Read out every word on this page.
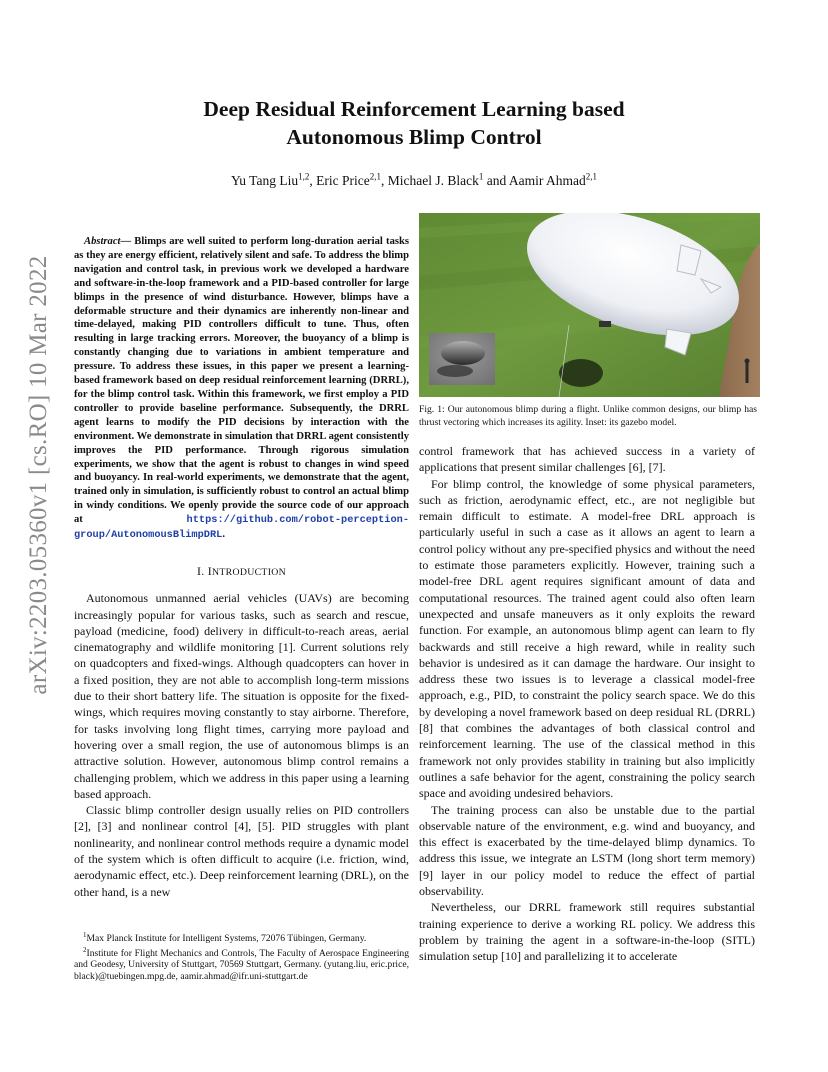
arXiv:2203.05360v1 [cs.RO] 10 Mar 2022
Deep Residual Reinforcement Learning based
Autonomous Blimp Control
Yu Tang Liu$^{1,2}$, Eric Price$^{2,1}$, Michael J. Black$^1$ and Aamir Ahmad$^{2,1}$

Abstract— Blimps are well suited to perform long-duration aerial tasks as they are energy efficient, relatively silent and safe. To address the blimp navigation and control task, in previous work we developed a hardware and software-in-the-loop framework and a PID-based controller for large blimps in the presence of wind disturbance. However, blimps have a deformable structure and their dynamics are inherently non-linear and time-delayed, making PID controllers difficult to tune. Thus, often resulting in large tracking errors. Moreover, the buoyancy of a blimp is constantly changing due to variations in ambient temperature and pressure. To address these issues, in this paper we present a learning-based framework based on deep residual reinforcement learning (DRRL), for the blimp control task. Within this framework, we first employ a PID controller to provide baseline performance. Subsequently, the DRRL agent learns to modify the PID decisions by interaction with the environment. We demonstrate in simulation that DRRL agent consistently improves the PID performance. Through rigorous simulation experiments, we show that the agent is robust to changes in wind speed and buoyancy. In real-world experiments, we demonstrate that the agent, trained only in simulation, is sufficiently robust to control an actual blimp in windy conditions. We openly provide the source code of our approach at https://github.com/robot-perception-group/AutonomousBlimpDRL.

I. INTRODUCTION

Autonomous unmanned aerial vehicles (UAVs) are becoming increasingly popular for various tasks, such as search and rescue, payload (medicine, food) delivery in difficult-to-reach areas, aerial cinematography and wildlife monitoring [1]. Current solutions rely on quadcopters and fixed-wings. Although quadcopters can hover in a fixed position, they are not able to accomplish long-term missions due to their short battery life. The situation is opposite for the fixed-wings, which requires moving constantly to stay airborne. Therefore, for tasks involving long flight times, carrying more payload and hovering over a small region, the use of autonomous blimps is an attractive solution. However, autonomous blimp control remains a challenging problem, which we address in this paper using a learning based approach.

Classic blimp controller design usually relies on PID controllers [2], [3] and nonlinear control [4], [5]. PID struggles with plant nonlinearity, and nonlinear control methods require a dynamic model of the system which is often difficult to acquire (i.e. friction, wind, aerodynamic effect, etc.). Deep reinforcement learning (DRL), on the other hand, is a new

$^1$Max Planck Institute for Intelligent Systems, 72076 Tübingen, Germany.

$^2$Institute for Flight Mechanics and Controls, The Faculty of Aerospace Engineering and Geodesy, University of Stuttgart, 70569 Stuttgart, Germany. (yutang.liu, eric.price, black)@tuebingen.mpg.de, aamir.ahmad@ifr.uni-stuttgart.de

Fig. 1: Our autonomous blimp during a flight. Unlike common designs, our blimp has thrust vectoring which increases its agility. Inset: its gazebo model.

control framework that has achieved success in a variety of applications that present similar challenges [6], [7].

For blimp control, the knowledge of some physical parameters, such as friction, aerodynamic effect, etc., are not negligible but remain difficult to estimate. A model-free DRL approach is particularly useful in such a case as it allows an agent to learn a control policy without any pre-specified physics and without the need to estimate those parameters explicitly. However, training such a model-free DRL agent requires significant amount of data and computational resources. The trained agent could also often learn unexpected and unsafe maneuvers as it only exploits the reward function. For example, an autonomous blimp agent can learn to fly backwards and still receive a high reward, while in reality such behavior is undesired as it can damage the hardware. Our insight to address these two issues is to leverage a classical model-free approach, e.g., PID, to constraint the policy search space. We do this by developing a novel framework based on deep residual RL (DRRL) [8] that combines the advantages of both classical control and reinforcement learning. The use of the classical method in this framework not only provides stability in training but also implicitly outlines a safe behavior for the agent, constraining the policy search space and avoiding undesired behaviors.

The training process can also be unstable due to the partial observable nature of the environment, e.g. wind and buoyancy, and this effect is exacerbated by the time-delayed blimp dynamics. To address this issue, we integrate an LSTM (long short term memory) [9] layer in our policy model to reduce the effect of partial observability.

Nevertheless, our DRRL framework still requires substantial training experience to derive a working RL policy. We address this problem by training the agent in a software-in-the-loop (SITL) simulation setup [10] and parallelizing it to accelerate
